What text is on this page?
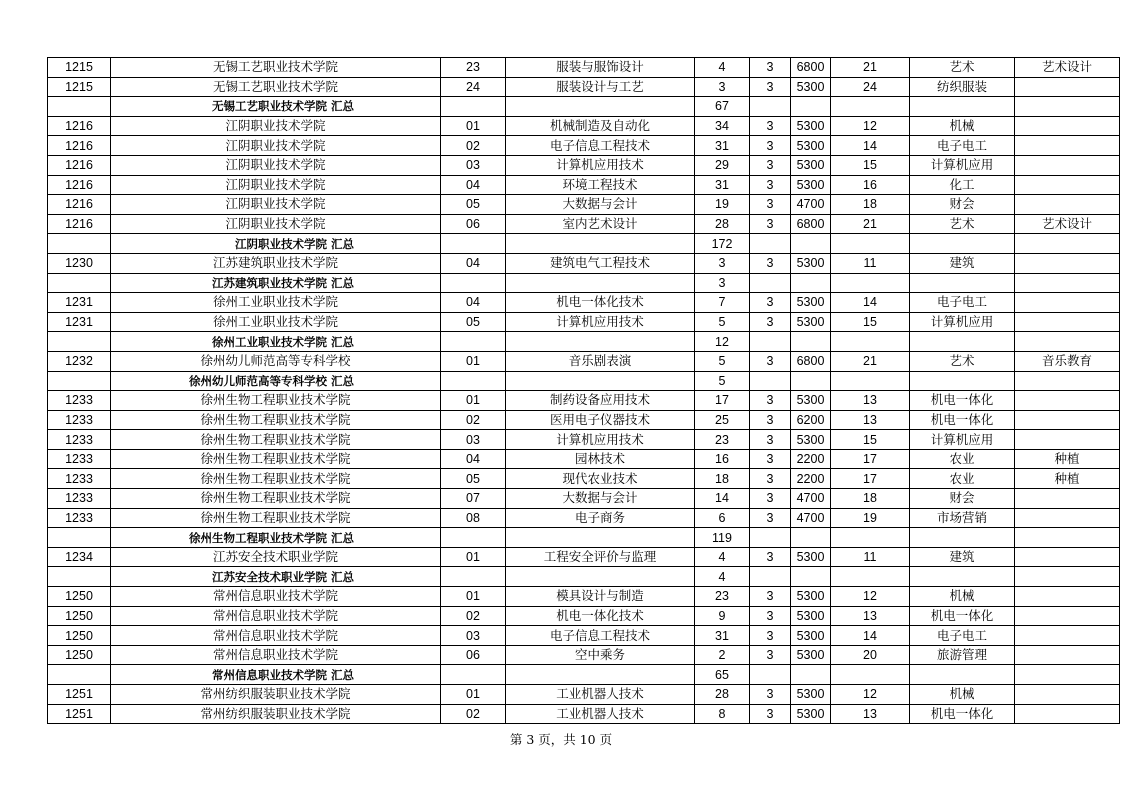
1215	无锡工艺职业技术学院	23	服装与服饰设计	4	3	6800	21	艺术	艺术设计
1215	无锡工艺职业技术学院	24	服装设计与工艺	3	3	5300	24	纺织服装	
	无锡工艺职业技术学院 汇总			67					
1216	江阴职业技术学院	01	机械制造及自动化	34	3	5300	12	机械	
1216	江阴职业技术学院	02	电子信息工程技术	31	3	5300	14	电子电工	
1216	江阴职业技术学院	03	计算机应用技术	29	3	5300	15	计算机应用	
1216	江阴职业技术学院	04	环境工程技术	31	3	5300	16	化工	
1216	江阴职业技术学院	05	大数据与会计	19	3	4700	18	财会	
1216	江阴职业技术学院	06	室内艺术设计	28	3	6800	21	艺术	艺术设计
	江阴职业技术学院 汇总			172					
1230	江苏建筑职业技术学院	04	建筑电气工程技术	3	3	5300	11	建筑	
	江苏建筑职业技术学院 汇总			3					
1231	徐州工业职业技术学院	04	机电一体化技术	7	3	5300	14	电子电工	
1231	徐州工业职业技术学院	05	计算机应用技术	5	3	5300	15	计算机应用	
	徐州工业职业技术学院 汇总			12					
1232	徐州幼儿师范高等专科学校	01	音乐剧表演	5	3	6800	21	艺术	音乐教育
	徐州幼儿师范高等专科学校 汇总			5					
1233	徐州生物工程职业技术学院	01	制药设备应用技术	17	3	5300	13	机电一体化	
1233	徐州生物工程职业技术学院	02	医用电子仪器技术	25	3	6200	13	机电一体化	
1233	徐州生物工程职业技术学院	03	计算机应用技术	23	3	5300	15	计算机应用	
1233	徐州生物工程职业技术学院	04	园林技术	16	3	2200	17	农业	种植
1233	徐州生物工程职业技术学院	05	现代农业技术	18	3	2200	17	农业	种植
1233	徐州生物工程职业技术学院	07	大数据与会计	14	3	4700	18	财会	
1233	徐州生物工程职业技术学院	08	电子商务	6	3	4700	19	市场营销	
	徐州生物工程职业技术学院 汇总			119					
1234	江苏安全技术职业学院	01	工程安全评价与监理	4	3	5300	11	建筑	
	江苏安全技术职业学院 汇总			4					
1250	常州信息职业技术学院	01	模具设计与制造	23	3	5300	12	机械	
1250	常州信息职业技术学院	02	机电一体化技术	9	3	5300	13	机电一体化	
1250	常州信息职业技术学院	03	电子信息工程技术	31	3	5300	14	电子电工	
1250	常州信息职业技术学院	06	空中乘务	2	3	5300	20	旅游管理	
	常州信息职业技术学院 汇总			65					
1251	常州纺织服装职业技术学院	01	工业机器人技术	28	3	5300	12	机械	
1251	常州纺织服装职业技术学院	02	工业机器人技术	8	3	5300	13	机电一体化	
第 3 页，共 10 页
